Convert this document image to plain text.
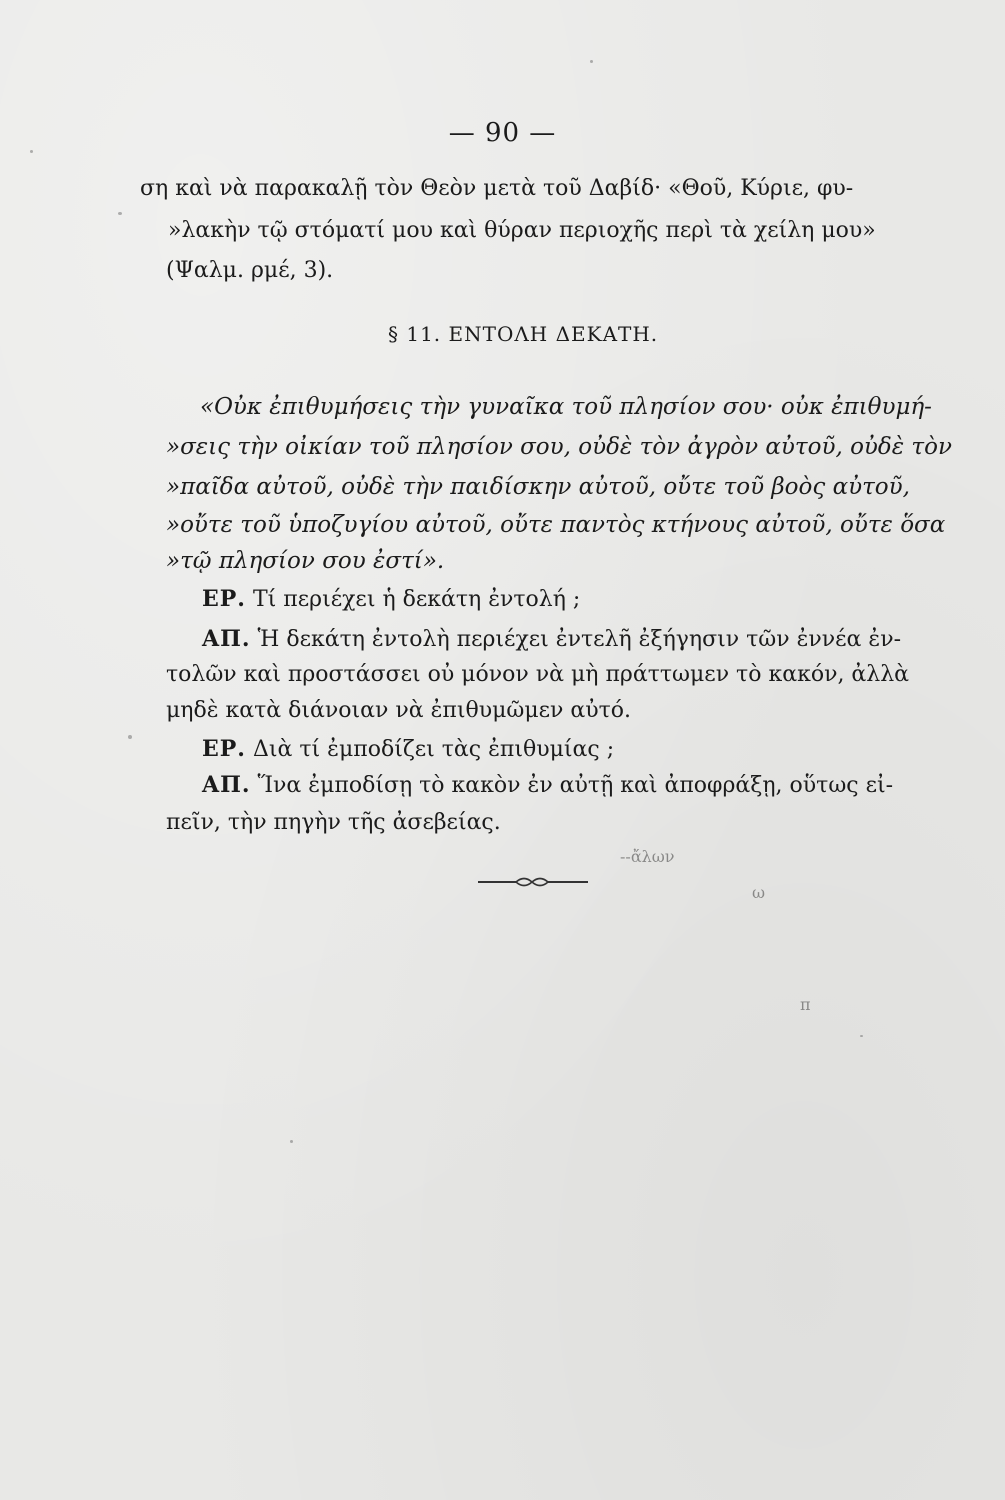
— 90 —
ση καὶ νὰ παρακαλῇ τὸν Θεὸν μετὰ τοῦ Δαβίδ· «Θοῦ, Κύριε, φυ-
»λακὴν τῷ στόματί μου καὶ θύραν περιοχῆς περὶ τὰ χείλη μου»
(Ψαλμ. ρμέ, 3).
§ 11. ΕΝΤΟΛΗ ΔΕΚΑΤΗ.
«Οὐκ ἐπιθυμήσεις τὴν γυναῖκα τοῦ πλησίον σου· οὐκ ἐπιθυμή-
»σεις τὴν οἰκίαν τοῦ πλησίον σου, οὐδὲ τὸν ἀγρὸν αὐτοῦ, οὐδὲ τὸν
»παῖδα αὐτοῦ, οὐδὲ τὴν παιδίσκην αὐτοῦ, οὔτε τοῦ βοὸς αὐτοῦ,
»οὔτε τοῦ ὑποζυγίου αὐτοῦ, οὔτε παντὸς κτήνους αὐτοῦ, οὔτε ὅσα
»τῷ πλησίον σου ἐστί».
ΕΡ. Τί περιέχει ἡ δεκάτη ἐντολή ;
ΑΠ. Ἡ δεκάτη ἐντολὴ περιέχει ἐντελῆ ἐξήγησιν τῶν ἐννέα ἐν-
τολῶν καὶ προστάσσει οὐ μόνον νὰ μὴ πράττωμεν τὸ κακόν, ἀλλὰ
μηδὲ κατὰ διάνοιαν νὰ ἐπιθυμῶμεν αὐτό.
ΕΡ. Διὰ τί ἐμποδίζει τὰς ἐπιθυμίας ;
ΑΠ. Ἵνα ἐμποδίσῃ τὸ κακὸν ἐν αὐτῇ καὶ ἀποφράξῃ, οὕτως εἰ-
πεῖν, τὴν πηγὴν τῆς ἀσεβείας.
--ἄλων
ω
π
